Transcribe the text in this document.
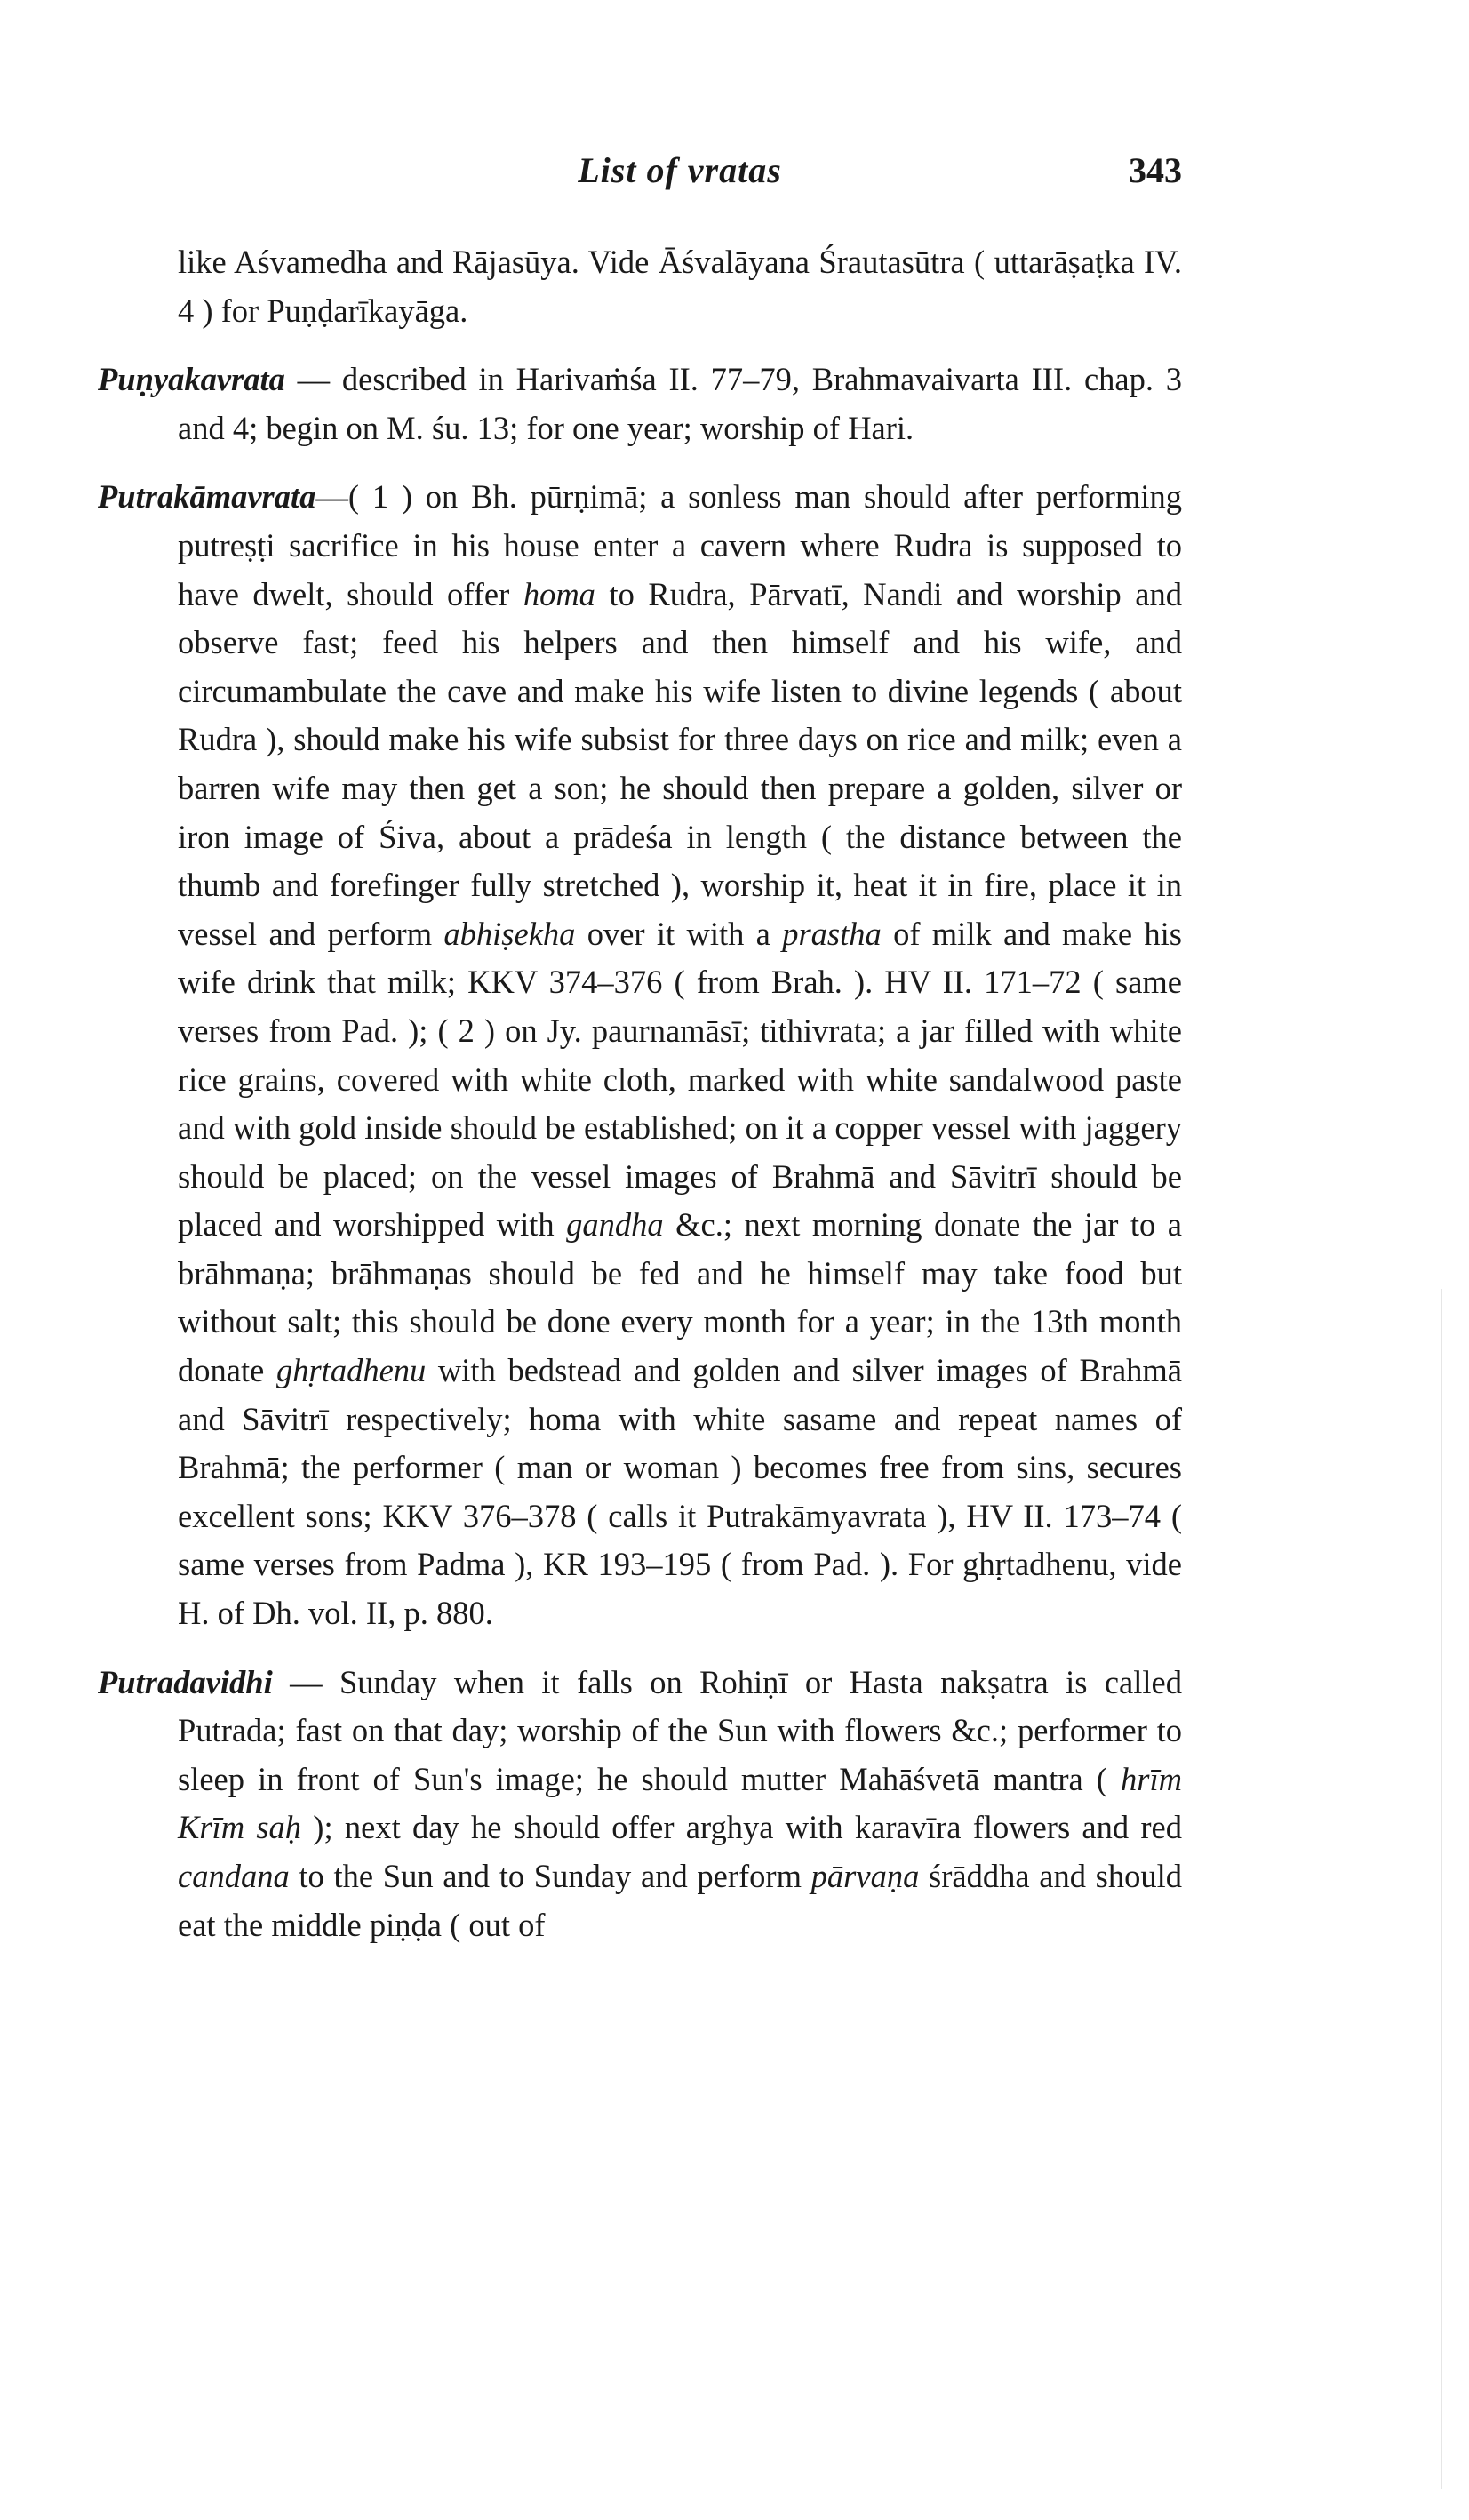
List of vratas	343

like Aśvamedha and Rājasūya. Vide Āśvalāyana Śrautasūtra ( uttarāṣaṭka IV. 4 ) for Puṇḍarīkayāga.

Puṇyakavrata — described in Harivaṁśa II. 77–79, Brahmavaivarta III. chap. 3 and 4; begin on M. śu. 13; for one year; worship of Hari.

Putrakāmavrata—( 1 ) on Bh. pūrṇimā; a sonless man should after performing putreṣṭi sacrifice in his house enter a cavern where Rudra is supposed to have dwelt, should offer homa to Rudra, Pārvatī, Nandi and worship and observe fast; feed his helpers and then himself and his wife, and circumambulate the cave and make his wife listen to divine legends ( about Rudra ), should make his wife subsist for three days on rice and milk; even a barren wife may then get a son; he should then prepare a golden, silver or iron image of Śiva, about a prādeśa in length ( the distance between the thumb and forefinger fully stretched ), worship it, heat it in fire, place it in vessel and perform abhiṣekha over it with a prastha of milk and make his wife drink that milk; KKV 374–376 ( from Brah. ). HV II. 171–72 ( same verses from Pad. ); ( 2 ) on Jy. paurnamāsī; tithivrata; a jar filled with white rice grains, covered with white cloth, marked with white sandalwood paste and with gold inside should be established; on it a copper vessel with jaggery should be placed; on the vessel images of Brahmā and Sāvitrī should be placed and worshipped with gandha &c.; next morning donate the jar to a brāhmaṇa; brāhmaṇas should be fed and he himself may take food but without salt; this should be done every month for a year; in the 13th month donate ghṛtadhenu with bedstead and golden and silver images of Brahmā and Sāvitrī respectively; homa with white sasame and repeat names of Brahmā; the performer ( man or woman ) becomes free from sins, secures excellent sons; KKV 376–378 ( calls it Putrakāmyavrata ), HV II. 173–74 ( same verses from Padma ), KR 193–195 ( from Pad. ). For ghṛtadhenu, vide H. of Dh. vol. II, p. 880.

Putradavidhi — Sunday when it falls on Rohiṇī or Hasta nakṣatra is called Putrada; fast on that day; worship of the Sun with flowers &c.; performer to sleep in front of Sun's image; he should mutter Mahāśvetā mantra ( hrīm Krīm saḥ ); next day he should offer arghya with karavīra flowers and red candana to the Sun and to Sunday and perform pārvaṇa śrāddha and should eat the middle piṇḍa ( out of
